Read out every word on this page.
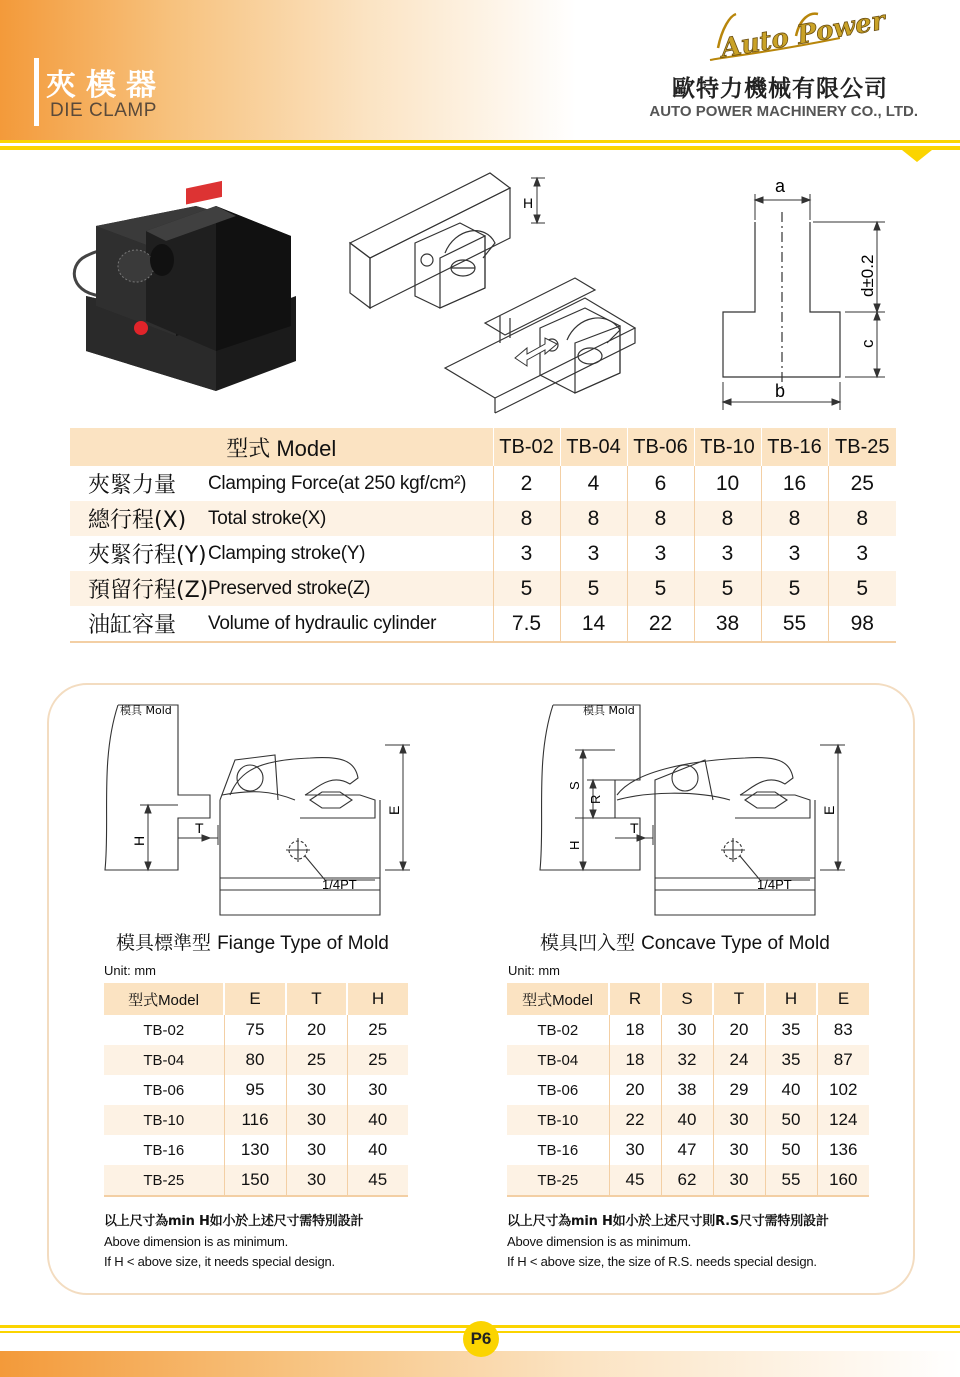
夾模器
DIE CLAMP
Auto Power
歐特力機械有限公司
AUTO POWER MACHINERY CO., LTD.
H
a
b
c
d±0.2
型式 Model		TB-02	TB-04	TB-06	TB-10	TB-16	TB-25
夾緊力量	Clamping Force(at 250 kgf/cm²)	2	4	6	10	16	25
總行程(X)	Total stroke(X)	8	8	8	8	8	8
夾緊行程(Y)	Clamping stroke(Y)	3	3	3	3	3	3
預留行程(Z)	Preserved stroke(Z)	5	5	5	5	5	5
油缸容量	Volume of hydraulic cylinder	7.5	14	22	38	55	98
模具 Mold
T
H
E
1/4PT
模具 Mold
S
R
H
T
E
1/4PT
模具標準型 Fiange Type of Mold	模具凹入型 Concave Type of Mold
Unit: mm	Unit: mm
型式Model	E	T	H
TB-02	75	20	25
TB-04	80	25	25
TB-06	95	30	30
TB-10	116	30	40
TB-16	130	30	40
TB-25	150	30	45
型式Model	R	S	T	H	E
TB-02	18	30	20	35	83
TB-04	18	32	24	35	87
TB-06	20	38	29	40	102
TB-10	22	40	30	50	124
TB-16	30	47	30	50	136
TB-25	45	62	30	55	160
以上尺寸為min H如小於上述尺寸需特別設計
Above dimension is as minimum.
If H < above size, it needs special design.
以上尺寸為min H如小於上述尺寸則R.S尺寸需特別設計
Above dimension is as minimum.
If H < above size, the size of R.S. needs special design.
P6
